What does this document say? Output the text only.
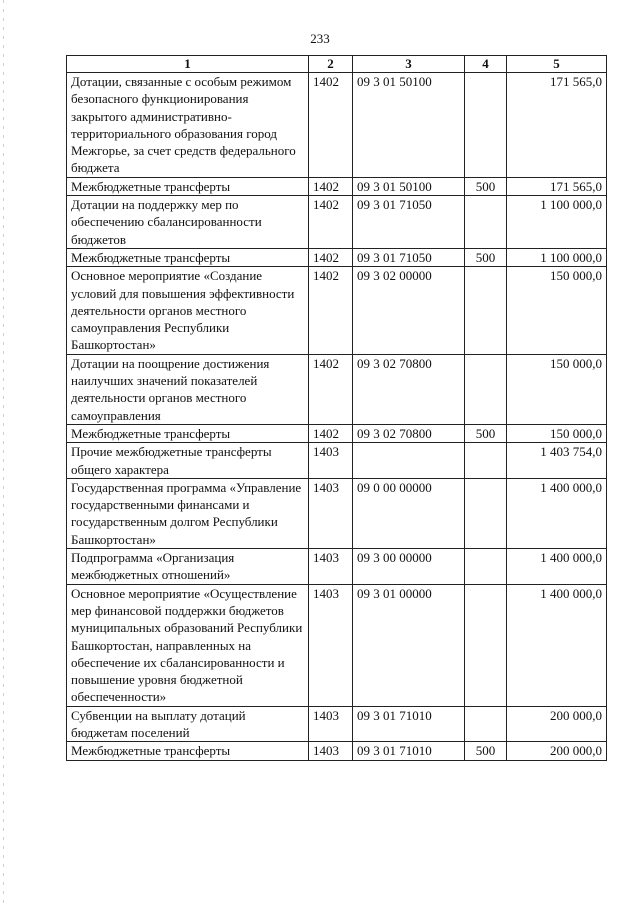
233
1	2	3	4	5
Дотации, связанные с особым режимом безопасного функционирования закрытого административно-территориального образования город Межгорье, за счет средств федерального бюджета	1402	09 3 01 50100		171 565,0
Межбюджетные трансферты	1402	09 3 01 50100	500	171 565,0
Дотации на поддержку мер по обеспечению сбалансированности бюджетов	1402	09 3 01 71050		1 100 000,0
Межбюджетные трансферты	1402	09 3 01 71050	500	1 100 000,0
Основное мероприятие «Создание условий для повышения эффективности деятельности органов местного самоуправления Республики Башкортостан»	1402	09 3 02 00000		150 000,0
Дотации на поощрение достижения наилучших значений показателей деятельности органов местного самоуправления	1402	09 3 02 70800		150 000,0
Межбюджетные трансферты	1402	09 3 02 70800	500	150 000,0
Прочие межбюджетные трансферты общего характера	1403			1 403 754,0
Государственная программа «Управление государственными финансами и государственным долгом Республики Башкортостан»	1403	09 0 00 00000		1 400 000,0
Подпрограмма «Организация межбюджетных отношений»	1403	09 3 00 00000		1 400 000,0
Основное мероприятие «Осуществление мер финансовой поддержки бюджетов муниципальных образований Республики Башкортостан, направленных на обеспечение их сбалансированности и повышение уровня бюджетной обеспеченности»	1403	09 3 01 00000		1 400 000,0
Субвенции на выплату дотаций бюджетам поселений	1403	09 3 01 71010		200 000,0
Межбюджетные трансферты	1403	09 3 01 71010	500	200 000,0
